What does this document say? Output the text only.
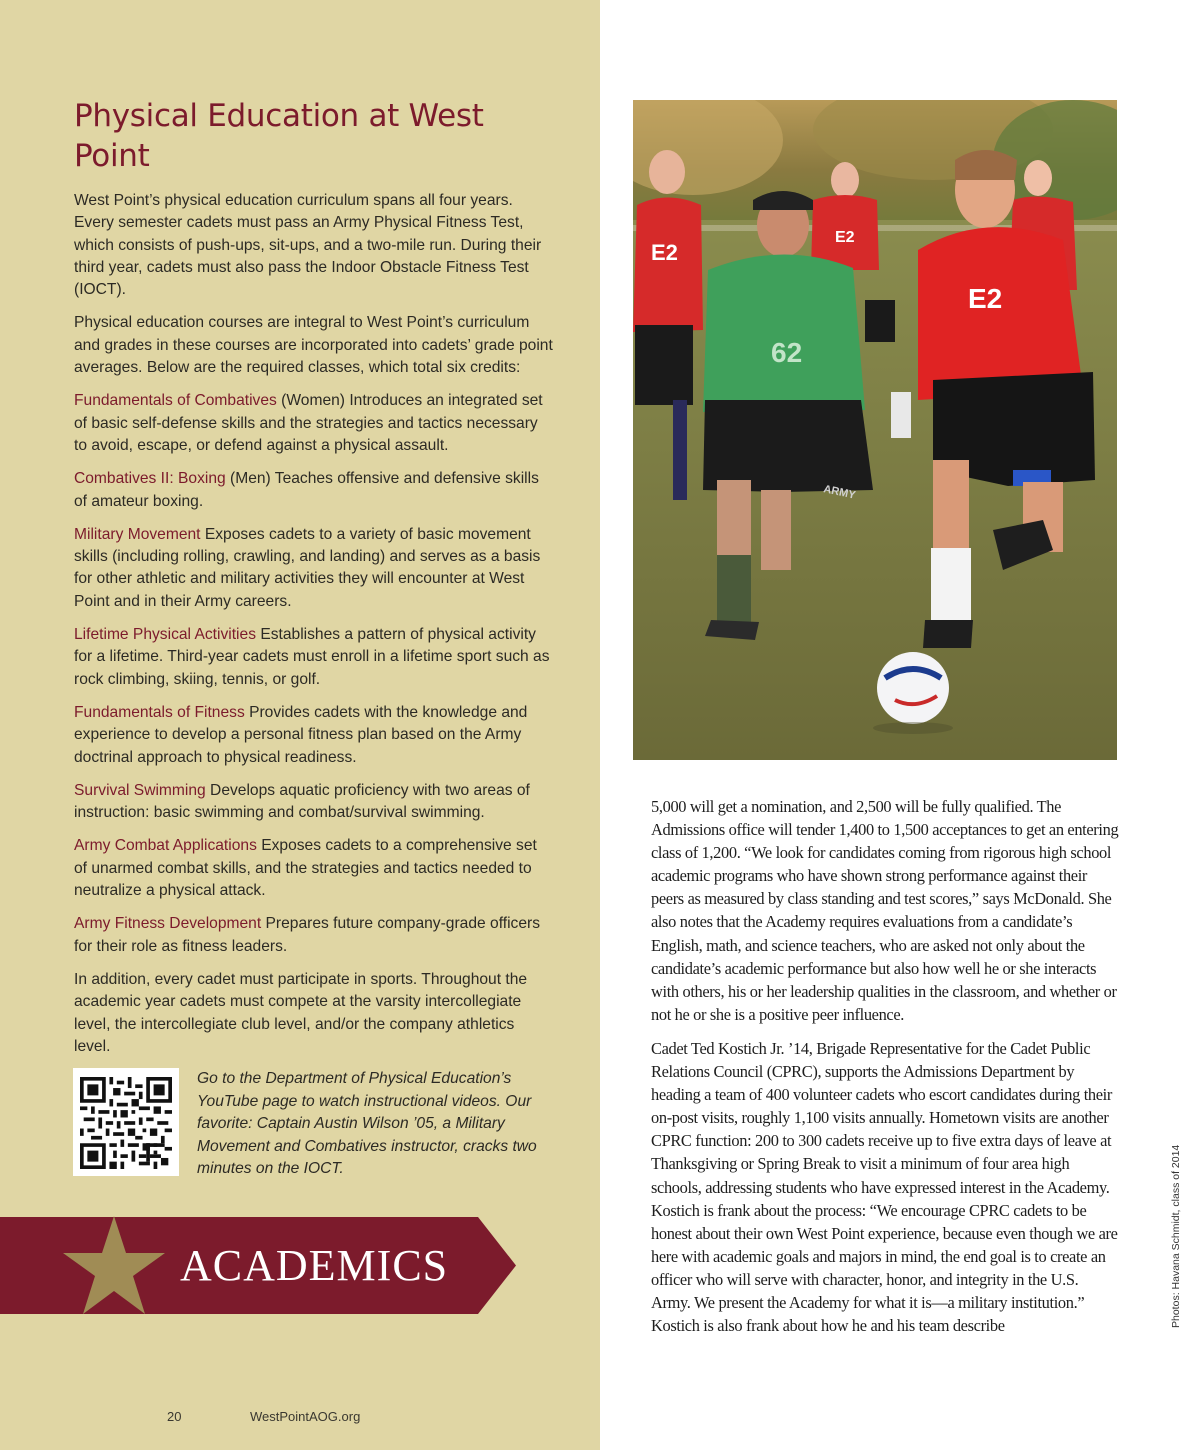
Physical Education at West Point

West Point’s physical education curriculum spans all four years. Every semester cadets must pass an Army Physical Fitness Test, which consists of push-ups, sit-ups, and a two-mile run. During their third year, cadets must also pass the Indoor Obstacle Fitness Test (IOCT).

Physical education courses are integral to West Point’s curriculum and grades in these courses are incorporated into cadets’ grade point averages. Below are the required classes, which total six credits:

Fundamentals of Combatives (Women) Introduces an integrated set of basic self-defense skills and the strategies and tactics necessary to avoid, escape, or defend against a physical assault.

Combatives II: Boxing (Men) Teaches offensive and defensive skills of amateur boxing.

Military Movement Exposes cadets to a variety of basic movement skills (including rolling, crawling, and landing) and serves as a basis for other athletic and military activities they will encounter at West Point and in their Army careers.

Lifetime Physical Activities Establishes a pattern of physical activity for a lifetime. Third-year cadets must enroll in a lifetime sport such as rock climbing, skiing, tennis, or golf.

Fundamentals of Fitness Provides cadets with the knowledge and experience to develop a personal fitness plan based on the Army doctrinal approach to physical readiness.

Survival Swimming Develops aquatic proficiency with two areas of instruction: basic swimming and combat/survival swimming.

Army Combat Applications Exposes cadets to a comprehensive set of unarmed combat skills, and the strategies and tactics needed to neutralize a physical attack.

Army Fitness Development Prepares future company-grade officers for their role as fitness leaders.

In addition, every cadet must participate in sports. Throughout the academic year cadets must compete at the varsity intercollegiate level, the intercollegiate club level, and/or the company athletics level.

Go to the Department of Physical Education’s YouTube page to watch instructional videos. Our favorite: Captain Austin Wilson ’05, a Military Movement and Combatives instructor, cracks two minutes on the IOCT.
ACADEMICS
20	WestPointAOG.org
E2
E2
62
ARMY
E2

5,000 will get a nomination, and 2,500 will be fully qualified. The Admissions office will tender 1,400 to 1,500 acceptances to get an entering class of 1,200. “We look for candidates coming from rigorous high school academic programs who have shown strong performance against their peers as measured by class standing and test scores,” says McDonald. She also notes that the Academy requires evaluations from a candidate’s English, math, and science teachers, who are asked not only about the candidate’s academic performance but also how well he or she interacts with others, his or her leadership qualities in the classroom, and whether or not he or she is a positive peer influence.

Cadet Ted Kostich Jr. ’14, Brigade Representative for the Cadet Public Relations Council (CPRC), supports the Admissions Department by heading a team of 400 volunteer cadets who escort candidates during their on-post visits, roughly 1,100 visits annually. Hometown visits are another CPRC function: 200 to 300 cadets receive up to five extra days of leave at Thanksgiving or Spring Break to visit a minimum of four area high schools, addressing students who have expressed interest in the Academy. Kostich is frank about the process: “We encourage CPRC cadets to be honest about their own West Point experience, because even though we are here with academic goals and majors in mind, the end goal is to create an officer who will serve with character, honor, and integrity in the U.S. Army. We present the Academy for what it is—a military institution.” Kostich is also frank about how he and his team describe	Photos: Havana Schmidt, class of 2014
